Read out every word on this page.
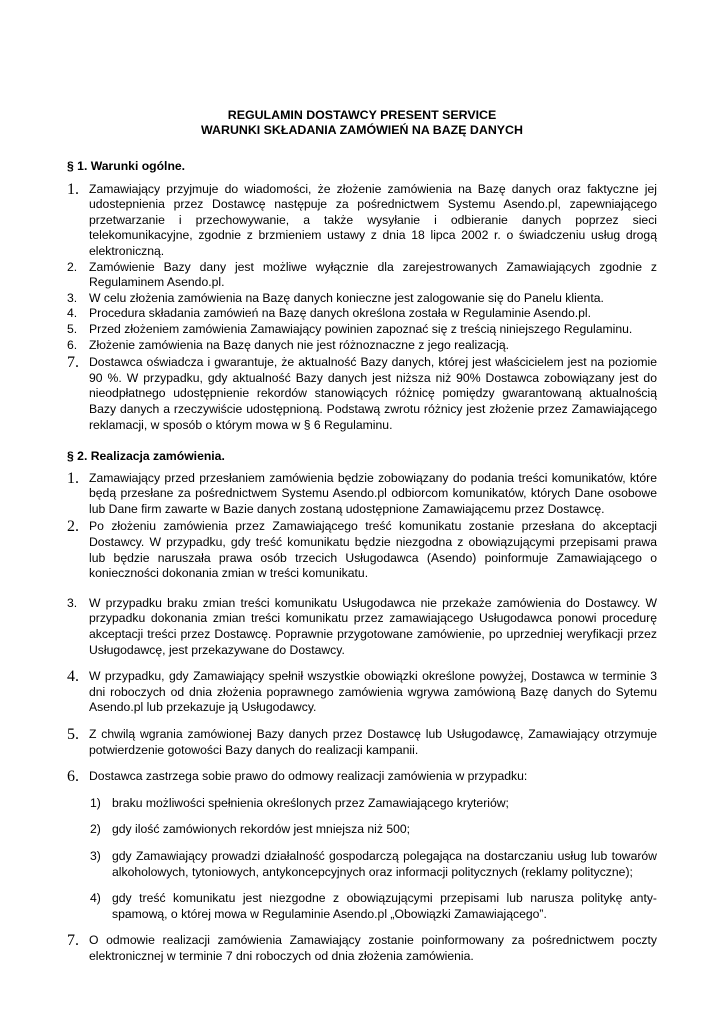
REGULAMIN DOSTAWCY PRESENT SERVICE

WARUNKI SKŁADANIA ZAMÓWIEŃ NA BAZĘ DANYCH

§ 1. Warunki ogólne.

1. Zamawiający przyjmuje do wiadomości, że złożenie zamówienia na Bazę danych oraz faktyczne jej udostepnienia przez Dostawcę następuje za pośrednictwem Systemu Asendo.pl, zapewniającego przetwarzanie i przechowywanie, a także wysyłanie i odbieranie danych poprzez sieci telekomunikacyjne, zgodnie z brzmieniem ustawy z dnia 18 lipca 2002 r. o świadczeniu usług drogą elektroniczną.
2. Zamówienie Bazy dany jest możliwe wyłącznie dla zarejestrowanych Zamawiających zgodnie z Regulaminem Asendo.pl.
3. W celu złożenia zamówienia na Bazę danych konieczne jest zalogowanie się do Panelu klienta.
4. Procedura składania zamówień na Bazę danych określona została w Regulaminie Asendo.pl.
5. Przed złożeniem zamówienia Zamawiający powinien zapoznać się z treścią niniejszego Regulaminu.
6. Złożenie zamówienia na Bazę danych nie jest różnoznaczne z jego realizacją.
7. Dostawca oświadcza i gwarantuje, że aktualność Bazy danych, której jest właścicielem jest na poziomie 90 %. W przypadku, gdy aktualność Bazy danych jest niższa niż 90% Dostawca zobowiązany jest do nieodpłatnego udostępnienie rekordów stanowiących różnicę pomiędzy gwarantowaną aktualnością Bazy danych a rzeczywiście udostępnioną. Podstawą zwrotu różnicy jest złożenie przez Zamawiającego reklamacji, w sposób o którym mowa w § 6 Regulaminu.

§ 2. Realizacja zamówienia.

1. Zamawiający przed przesłaniem zamówienia będzie zobowiązany do podania treści komunikatów, które będą przesłane za pośrednictwem Systemu Asendo.pl odbiorcom komunikatów, których Dane osobowe lub Dane firm zawarte w Bazie danych zostaną udostępnione Zamawiającemu przez Dostawcę.
2. Po złożeniu zamówienia przez Zamawiającego treść komunikatu zostanie przesłana do akceptacji Dostawcy. W przypadku, gdy treść komunikatu będzie niezgodna z obowiązującymi przepisami prawa lub będzie naruszała prawa osób trzecich Usługodawca (Asendo) poinformuje Zamawiającego o konieczności dokonania zmian w treści komunikatu.
3. W przypadku braku zmian treści komunikatu Usługodawca nie przekaże zamówienia do Dostawcy. W przypadku dokonania zmian treści komunikatu przez zamawiającego Usługodawca ponowi procedurę akceptacji treści przez Dostawcę. Poprawnie przygotowane zamówienie, po uprzedniej weryfikacji przez Usługodawcę, jest przekazywane do Dostawcy.
4. W przypadku, gdy Zamawiający spełnił wszystkie obowiązki określone powyżej, Dostawca w terminie 3 dni roboczych od dnia złożenia poprawnego zamówienia wgrywa zamówioną Bazę danych do Sytemu Asendo.pl lub przekazuje ją Usługodawcy.
5. Z chwilą wgrania zamówionej Bazy danych przez Dostawcę lub Usługodawcę, Zamawiający otrzymuje potwierdzenie gotowości Bazy danych do realizacji kampanii.
6. Dostawca zastrzega sobie prawo do odmowy realizacji zamówienia w przypadku:
1) braku możliwości spełnienia określonych przez Zamawiającego kryteriów;
2) gdy ilość zamówionych rekordów jest mniejsza niż 500;
3) gdy Zamawiający prowadzi działalność gospodarczą polegająca na dostarczaniu usług lub towarów alkoholowych, tytoniowych, antykoncepcyjnych oraz informacji politycznych (reklamy polityczne);
4) gdy treść komunikatu jest niezgodne z obowiązującymi przepisami lub narusza politykę anty-spamową, o której mowa w Regulaminie Asendo.pl „Obowiązki Zamawiającego”.
7. O odmowie realizacji zamówienia Zamawiający zostanie poinformowany za pośrednictwem poczty elektronicznej w terminie 7 dni roboczych od dnia złożenia zamówienia.
